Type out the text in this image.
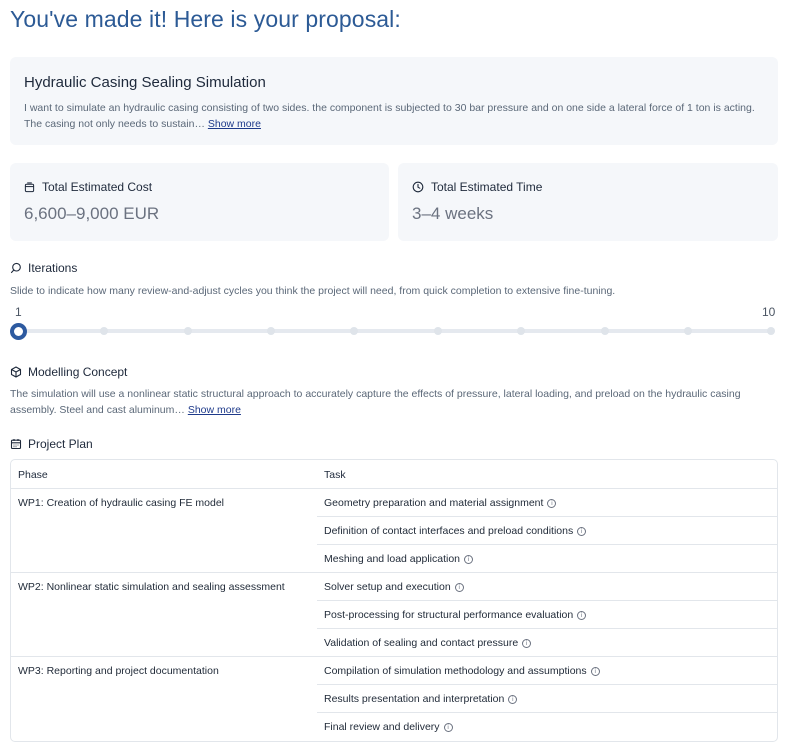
You've made it! Here is your proposal:
Hydraulic Casing Sealing Simulation
I want to simulate an hydraulic casing consisting of two sides. the component is subjected to 30 bar pressure and on one side a lateral force of 1 ton is acting. The casing not only needs to sustain… Show more
Total Estimated Cost
6,600–9,000 EUR
Total Estimated Time
3–4 weeks
Iterations
Slide to indicate how many review-and-adjust cycles you think the project will need, from quick completion to extensive fine-tuning.
1	10
Modelling Concept
The simulation will use a nonlinear static structural approach to accurately capture the effects of pressure, lateral loading, and preload on the hydraulic casing assembly. Steel and cast aluminum… Show more
Project Plan
Phase	Task
WP1: Creation of hydraulic casing FE model	Geometry preparation and material assignment	i
Definition of contact interfaces and preload conditions	i
Meshing and load application	i
WP2: Nonlinear static simulation and sealing assessment	Solver setup and execution	i
Post-processing for structural performance evaluation	i
Validation of sealing and contact pressure	i
WP3: Reporting and project documentation	Compilation of simulation methodology and assumptions	i
Results presentation and interpretation	i
Final review and delivery	i
